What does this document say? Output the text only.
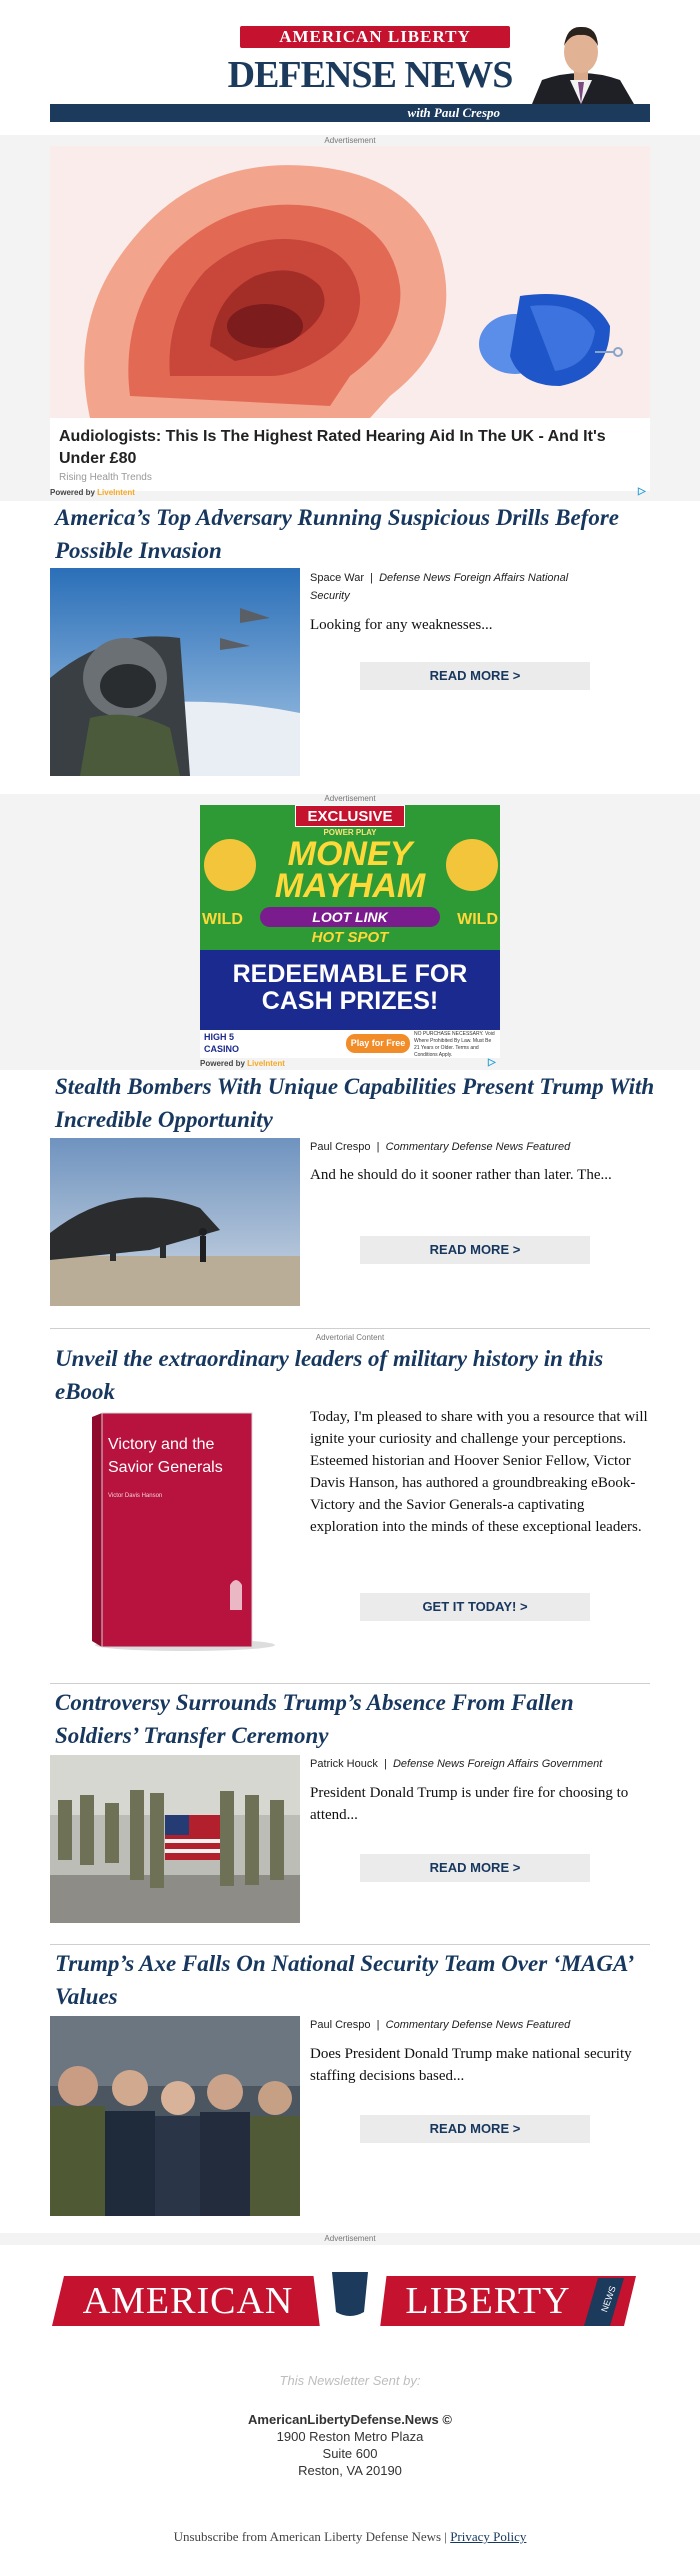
AMERICAN LIBERTY
DEFENSE NEWS
with Paul Crespo
Advertisement
Audiologists: This Is The Highest Rated Hearing Aid In The UK - And It's Under £80
Rising Health Trends
Powered by LiveIntent	▷
America’s Top Adversary Running Suspicious Drills Before Possible Invasion
Space War  |  Defense News Foreign Affairs National Security
Looking for any weaknesses...
READ MORE >
Advertisement
EXCLUSIVE
POWER PLAY
MONEY
MAYHAM
WILD	WILD
LOOT LINK
HOT SPOT
REDEEMABLE FOR CASH PRIZES!
HIGH 5 CASINO
Play for Free
NO PURCHASE NECESSARY. Void Where Prohibited By Law. Must Be 21 Years or Older. Terms and Conditions Apply.
Powered by LiveIntent	▷
Stealth Bombers With Unique Capabilities Present Trump With Incredible Opportunity
Paul Crespo  |  Commentary Defense News Featured
And he should do it sooner rather than later. The...
READ MORE >
Advertorial Content
Unveil the extraordinary leaders of military history in this eBook
Victory and the Savior Generals
Victor Davis Hanson
Today, I'm pleased to share with you a resource that will ignite your curiosity and challenge your perceptions. Esteemed historian and Hoover Senior Fellow, Victor Davis Hanson, has authored a groundbreaking eBook-Victory and the Savior Generals-a captivating exploration into the minds of these exceptional leaders.
GET IT TODAY! >
Controversy Surrounds Trump’s Absence From Fallen Soldiers’ Transfer Ceremony
Patrick Houck  |  Defense News Foreign Affairs Government
President Donald Trump is under fire for choosing to attend...
READ MORE >
Trump’s Axe Falls On National Security Team Over ‘MAGA’ Values
Paul Crespo  |  Commentary Defense News Featured
Does President Donald Trump make national security staffing decisions based...
READ MORE >
Advertisement
AMERICAN	LIBERTY	NEWS
This Newsletter Sent by:
AmericanLibertyDefense.News ©
1900 Reston Metro Plaza
Suite 600
Reston, VA 20190
Unsubscribe from American Liberty Defense News | Privacy Policy
